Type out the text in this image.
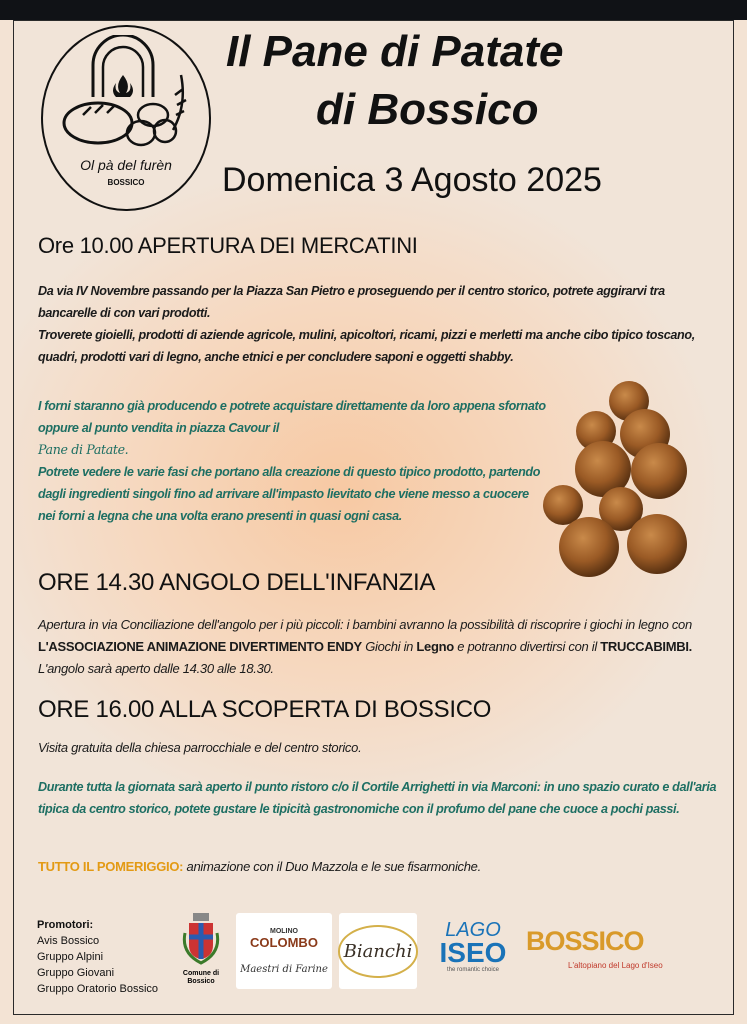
Ol pà del furèn
BOSSICO
Il Pane di Patate
di Bossico
Domenica 3 Agosto 2025
Ore 10.00 APERTURA DEI MERCATINI
Da via IV Novembre passando per la Piazza San Pietro e proseguendo per il centro storico, potrete aggirarvi tra bancarelle di con vari prodotti.
Troverete gioielli, prodotti di aziende agricole, mulini, apicoltori, ricami, pizzi e merletti ma anche cibo tipico toscano, quadri, prodotti vari di legno, anche etnici e per concludere saponi e oggetti shabby.
I forni staranno già producendo e potrete acquistare direttamente da loro appena sfornato oppure al punto vendita in piazza Cavour il
Pane di Patate.
Potrete vedere le varie fasi che portano alla creazione di questo tipico prodotto, partendo dagli ingredienti singoli fino ad arrivare all'impasto lievitato che viene messo a cuocere nei forni a legna che una volta erano presenti in quasi ogni casa.
ORE 14.30 ANGOLO DELL'INFANZIA
Apertura in via Conciliazione dell'angolo per i più piccoli: i bambini avranno la possibilità di riscoprire i giochi in legno con L'ASSOCIAZIONE ANIMAZIONE DIVERTIMENTO ENDY Giochi in Legno e potranno divertirsi con il TRUCCABIMBI. L'angolo sarà aperto dalle 14.30 alle 18.30.
ORE 16.00 ALLA SCOPERTA DI BOSSICO
Visita gratuita della chiesa parrocchiale e del centro storico.
Durante tutta la giornata sarà aperto il punto ristoro c/o il Cortile Arrighetti in via Marconi: in uno spazio curato e dall'aria tipica da centro storico, potete gustare le tipicità gastronomiche con il profumo del pane che cuoce a pochi passi.
TUTTO IL POMERIGGIO: animazione con il Duo Mazzola e le sue fisarmoniche.
Promotori:
Avis Bossico
Gruppo Alpini
Gruppo Giovani
Gruppo Oratorio Bossico
Comune di Bossico
MOLINO
COLOMBO
Maestri di Farine
Bianchi
LAGO
ISEO
the romantic choice
BOSSICO
L'altopiano del Lago d'Iseo
